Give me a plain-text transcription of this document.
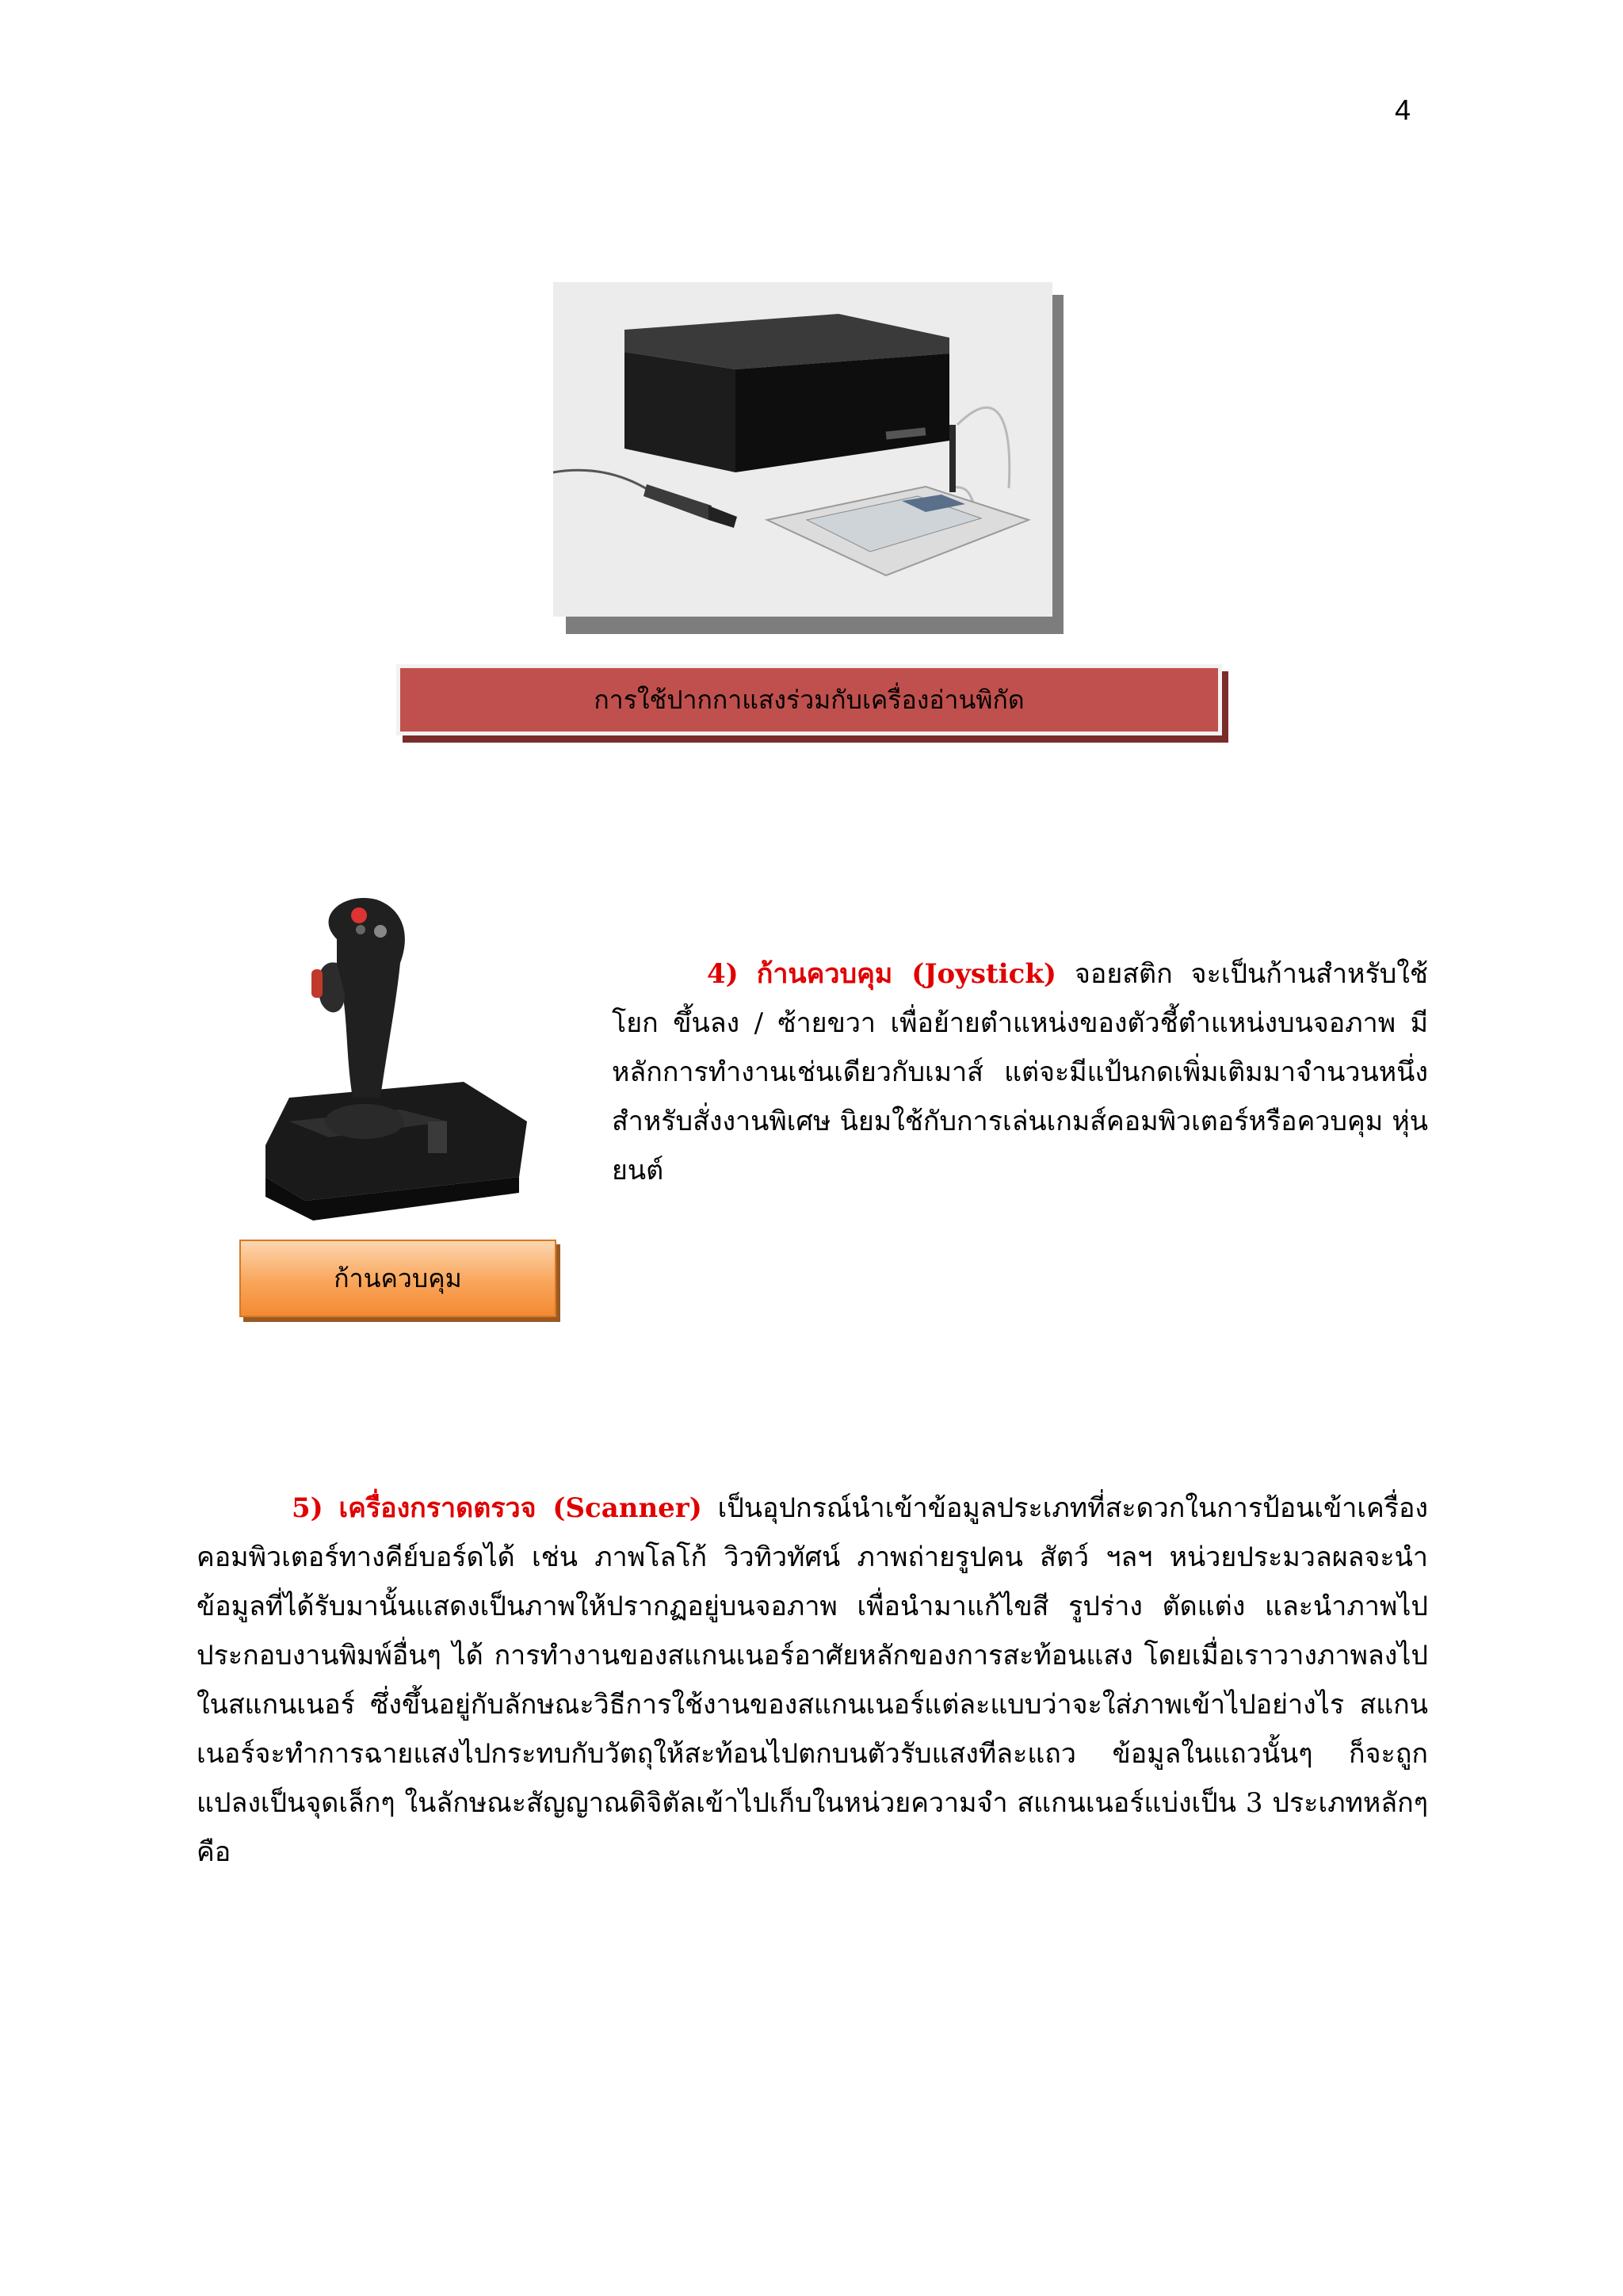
4
การใช้ปากกาแสงร่วมกับเครื่องอ่านพิกัด
ก้านควบคุม
4) ก้านควบคุม (Joystick) จอยสติก จะเป็นก้านสำหรับใช้โยก ขึ้นลง / ซ้ายขวา เพื่อย้ายตำแหน่งของตัวชี้ตำแหน่งบนจอภาพ มี หลักการทำงานเช่นเดียวกับเมาส์ แต่จะมีแป้นกดเพิ่มเติมมาจำนวนหนึ่ง สำหรับสั่งงานพิเศษ นิยมใช้กับการเล่นเกมส์คอมพิวเตอร์หรือควบคุม หุ่นยนต์
5) เครื่องกราดตรวจ (Scanner) เป็นอุปกรณ์นำเข้าข้อมูลประเภทที่สะดวกในการป้อนเข้าเครื่อง คอมพิวเตอร์ทางคีย์บอร์ดได้ เช่น ภาพโลโก้ วิวทิวทัศน์ ภาพถ่ายรูปคน สัตว์ ฯลฯ หน่วยประมวลผลจะนำข้อมูลที่ได้รับมานั้นแสดงเป็นภาพให้ปรากฏอยู่บนจอภาพ เพื่อนำมาแก้ไขสี รูปร่าง ตัดแต่ง และนำภาพไปประกอบงานพิมพ์อื่นๆ ได้ การทำงานของสแกนเนอร์อาศัยหลักของการสะท้อนแสง โดยเมื่อเราวางภาพลงไปในสแกนเนอร์ ซึ่งขึ้นอยู่กับลักษณะวิธีการใช้งานของสแกนเนอร์แต่ละแบบว่าจะใส่ภาพเข้าไปอย่างไร สแกนเนอร์จะทำการฉายแสงไปกระทบกับวัตถุให้สะท้อนไปตกบนตัวรับแสงทีละแถว ข้อมูลในแถวนั้นๆ ก็จะถูกแปลงเป็นจุดเล็กๆ ในลักษณะสัญญาณดิจิตัลเข้าไปเก็บในหน่วยความจำ สแกนเนอร์แบ่งเป็น 3 ประเภทหลักๆ คือ
